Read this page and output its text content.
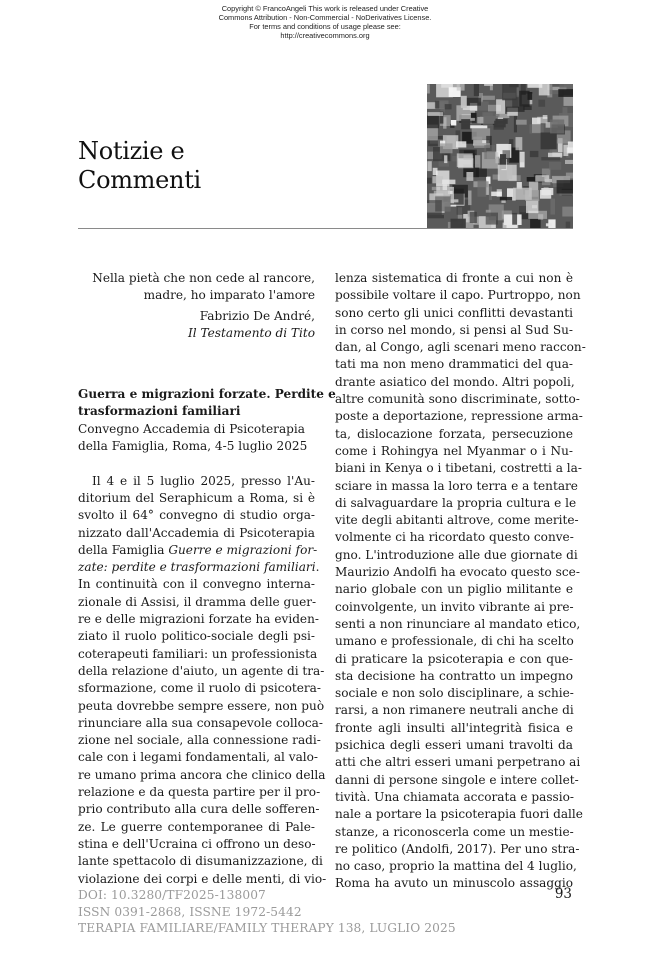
Copyright © FrancoAngeli This work is released under Creative
Commons Attribution - Non-Commercial - NoDerivatives License.
For terms and conditions of usage please see:
http://creativecommons.org
Notizie e
Commenti
Nella pietà che non cede al rancore,
madre, ho imparato l'amore
Fabrizio De André,
Il Testamento di Tito
Guerra e migrazioni forzate. Perdite e
trasformazioni familiari
Convegno Accademia di Psicoterapia
della Famiglia, Roma, 4-5 luglio 2025
Il 4 e il 5 luglio 2025, presso l'Au-
ditorium del Seraphicum a Roma, si è
svolto il 64° convegno di studio orga-
nizzato dall'Accademia di Psicoterapia
della Famiglia Guerre e migrazioni for-
zate: perdite e trasformazioni familiari.
In continuità con il convegno interna-
zionale di Assisi, il dramma delle guer-
re e delle migrazioni forzate ha eviden-
ziato il ruolo politico-sociale degli psi-
coterapeuti familiari: un professionista
della relazione d'aiuto, un agente di tra-
sformazione, come il ruolo di psicotera-
peuta dovrebbe sempre essere, non può
rinunciare alla sua consapevole colloca-
zione nel sociale, alla connessione radi-
cale con i legami fondamentali, al valo-
re umano prima ancora che clinico della
relazione e da questa partire per il pro-
prio contributo alla cura delle sofferen-
ze. Le guerre contemporanee di Pale-
stina e dell'Ucraina ci offrono un deso-
lante spettacolo di disumanizzazione, di
violazione dei corpi e delle menti, di vio-
lenza sistematica di fronte a cui non è
possibile voltare il capo. Purtroppo, non
sono certo gli unici conflitti devastanti
in corso nel mondo, si pensi al Sud Su-
dan, al Congo, agli scenari meno raccon-
tati ma non meno drammatici del qua-
drante asiatico del mondo. Altri popoli,
altre comunità sono discriminate, sotto-
poste a deportazione, repressione arma-
ta, dislocazione forzata, persecuzione
come i Rohingya nel Myanmar o i Nu-
biani in Kenya o i tibetani, costretti a la-
sciare in massa la loro terra e a tentare
di salvaguardare la propria cultura e le
vite degli abitanti altrove, come merite-
volmente ci ha ricordato questo conve-
gno. L'introduzione alle due giornate di
Maurizio Andolfi ha evocato questo sce-
nario globale con un piglio militante e
coinvolgente, un invito vibrante ai pre-
senti a non rinunciare al mandato etico,
umano e professionale, di chi ha scelto
di praticare la psicoterapia e con que-
sta decisione ha contratto un impegno
sociale e non solo disciplinare, a schie-
rarsi, a non rimanere neutrali anche di
fronte agli insulti all'integrità fisica e
psichica degli esseri umani travolti da
atti che altri esseri umani perpetrano ai
danni di persone singole e intere collet-
tività. Una chiamata accorata e passio-
nale a portare la psicoterapia fuori dalle
stanze, a riconoscerla come un mestie-
re politico (Andolfi, 2017). Per uno stra-
no caso, proprio la mattina del 4 luglio,
Roma ha avuto un minuscolo assaggio
DOI: 10.3280/TF2025-138007
ISSN 0391-2868, ISSNE 1972-5442
TERAPIA FAMILIARE/FAMILY THERAPY 138, LUGLIO 2025
93
